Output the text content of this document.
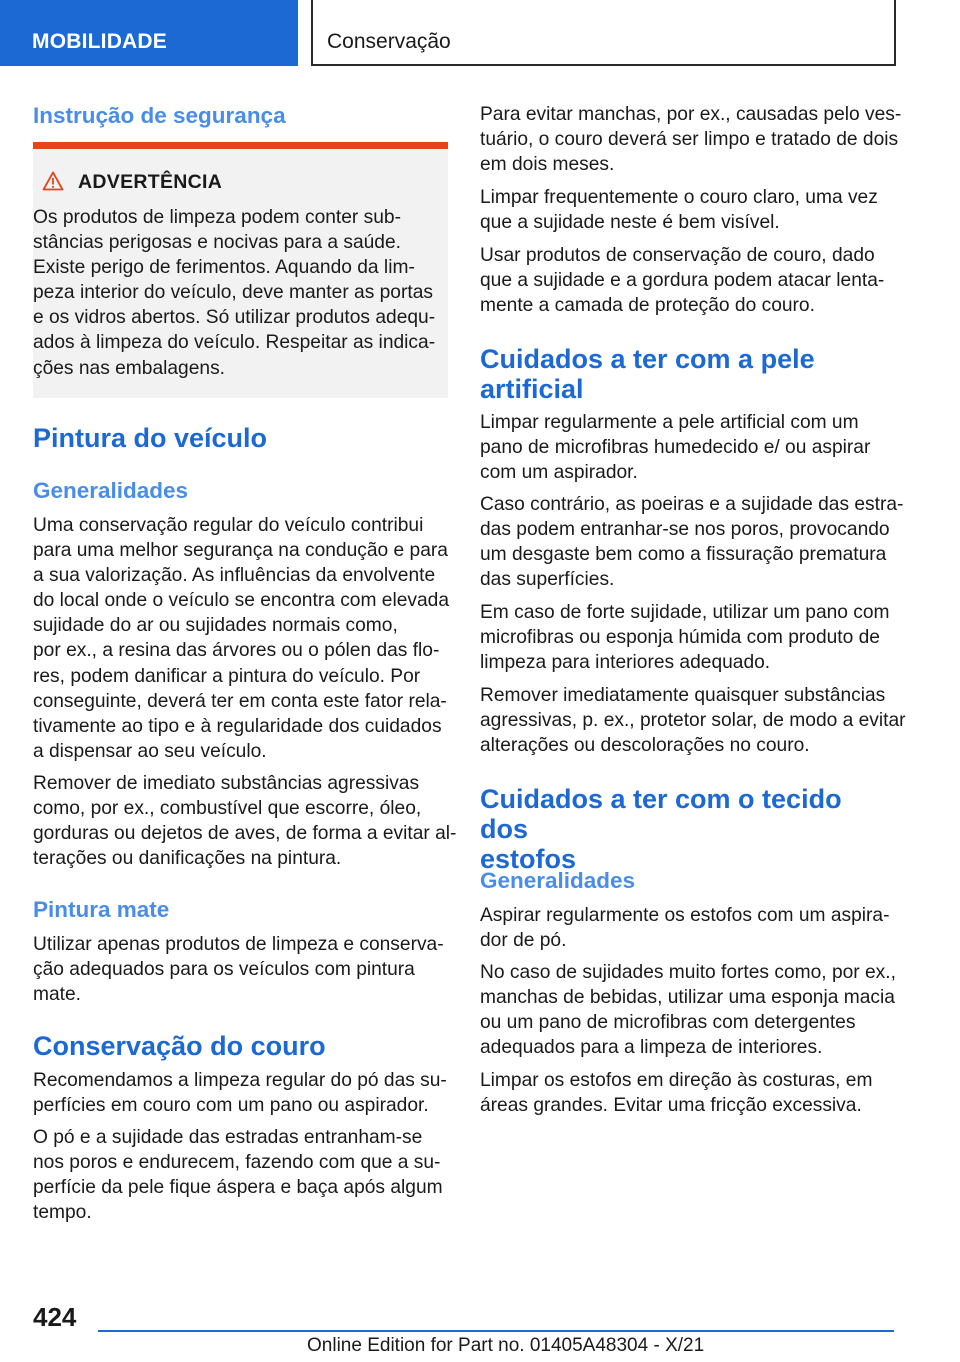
MOBILIDADE	Conservação
Instrução de segurança
ADVERTÊNCIA

Os produtos de limpeza podem conter sub‐
stâncias perigosas e nocivas para a saúde.
Existe perigo de ferimentos. Aquando da lim‐
peza interior do veículo, deve manter as portas
e os vidros abertos. Só utilizar produtos adequ‐
ados à limpeza do veículo. Respeitar as indica‐
ções nas embalagens.

Pintura do veículo
Generalidades

Uma conservação regular do veículo contribui
para uma melhor segurança na condução e para
a sua valorização. As influências da envolvente
do local onde o veículo se encontra com elevada
sujidade do ar ou sujidades normais como,
por ex., a resina das árvores ou o pólen das flo‐
res, podem danificar a pintura do veículo. Por
conseguinte, deverá ter em conta este fator rela‐
tivamente ao tipo e à regularidade dos cuidados
a dispensar ao seu veículo.

Remover de imediato substâncias agressivas
como, por ex., combustível que escorre, óleo,
gorduras ou dejetos de aves, de forma a evitar al‐
terações ou danificações na pintura.

Pintura mate

Utilizar apenas produtos de limpeza e conserva‐
ção adequados para os veículos com pintura
mate.

Conservação do couro

Recomendamos a limpeza regular do pó das su‐
perfícies em couro com um pano ou aspirador.

O pó e a sujidade das estradas entranham-se
nos poros e endurecem, fazendo com que a su‐
perfície da pele fique áspera e baça após algum
tempo.

Para evitar manchas, por ex., causadas pelo ves‐
tuário, o couro deverá ser limpo e tratado de dois
em dois meses.

Limpar frequentemente o couro claro, uma vez
que a sujidade neste é bem visível.

Usar produtos de conservação de couro, dado
que a sujidade e a gordura podem atacar lenta‐
mente a camada de proteção do couro.

Cuidados a ter com a pele
artificial

Limpar regularmente a pele artificial com um
pano de microfibras humedecido e/ ou aspirar
com um aspirador.

Caso contrário, as poeiras e a sujidade das estra‐
das podem entranhar-se nos poros, provocando
um desgaste bem como a fissuração prematura
das superfícies.

Em caso de forte sujidade, utilizar um pano com
microfibras ou esponja húmida com produto de
limpeza para interiores adequado.

Remover imediatamente quaisquer substâncias
agressivas, p. ex., protetor solar, de modo a evitar
alterações ou descolorações no couro.

Cuidados a ter com o tecido dos
estofos
Generalidades

Aspirar regularmente os estofos com um aspira‐
dor de pó.

No caso de sujidades muito fortes como, por ex.,
manchas de bebidas, utilizar uma esponja macia
ou um pano de microfibras com detergentes
adequados para a limpeza de interiores.

Limpar os estofos em direção às costuras, em
áreas grandes. Evitar uma fricção excessiva.

424
Online Edition for Part no. 01405A48304 - X/21
